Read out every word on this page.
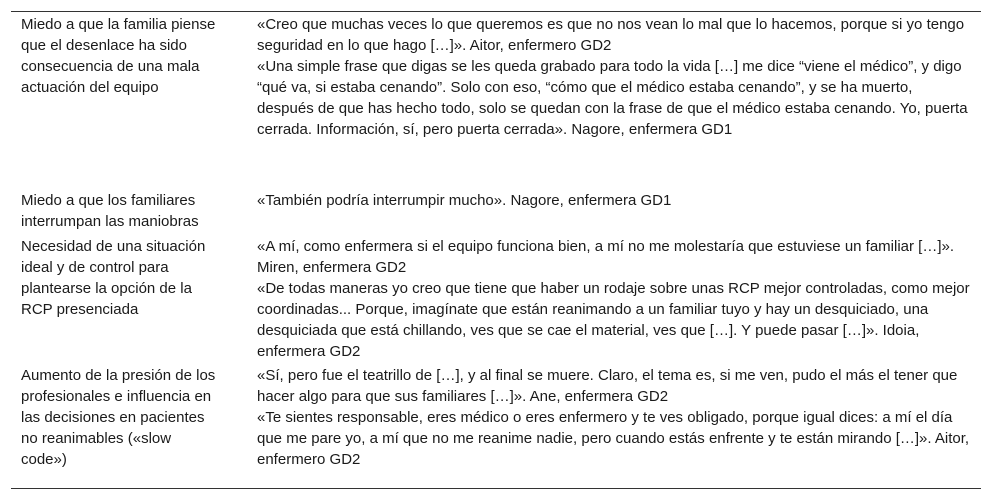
Miedo a que la familia piense que el desenlace ha sido consecuencia de una mala actuación del equipo
«Creo que muchas veces lo que queremos es que no nos vean lo mal que lo hacemos, porque si yo tengo seguridad en lo que hago […]». Aitor, enfermero GD2
«Una simple frase que digas se les queda grabado para todo la vida […] me dice “viene el médico”, y digo “qué va, si estaba cenando”. Solo con eso, “cómo que el médico estaba cenando”, y se ha muerto, después de que has hecho todo, solo se quedan con la frase de que el médico estaba cenando. Yo, puerta cerrada. Información, sí, pero puerta cerrada». Nagore, enfermera GD1
Miedo a que los familiares interrumpan las maniobras
«También podría interrumpir mucho». Nagore, enfermera GD1
Necesidad de una situación ideal y de control para plantearse la opción de la RCP presenciada
«A mí, como enfermera si el equipo funciona bien, a mí no me molestaría que estuviese un familiar […]». Miren, enfermera GD2
«De todas maneras yo creo que tiene que haber un rodaje sobre unas RCP mejor controladas, como mejor coordinadas... Porque, imagínate que están reanimando a un familiar tuyo y hay un desquiciado, una desquiciada que está chillando, ves que se cae el material, ves que […]. Y puede pasar […]». Idoia, enfermera GD2
Aumento de la presión de los profesionales e influencia en las decisiones en pacientes no reanimables («slow code»)
«Sí, pero fue el teatrillo de […], y al final se muere. Claro, el tema es, si me ven, pudo el más el tener que hacer algo para que sus familiares […]». Ane, enfermera GD2
«Te sientes responsable, eres médico o eres enfermero y te ves obligado, porque igual dices: a mí el día que me pare yo, a mí que no me reanime nadie, pero cuando estás enfrente y te están mirando […]». Aitor, enfermero GD2
